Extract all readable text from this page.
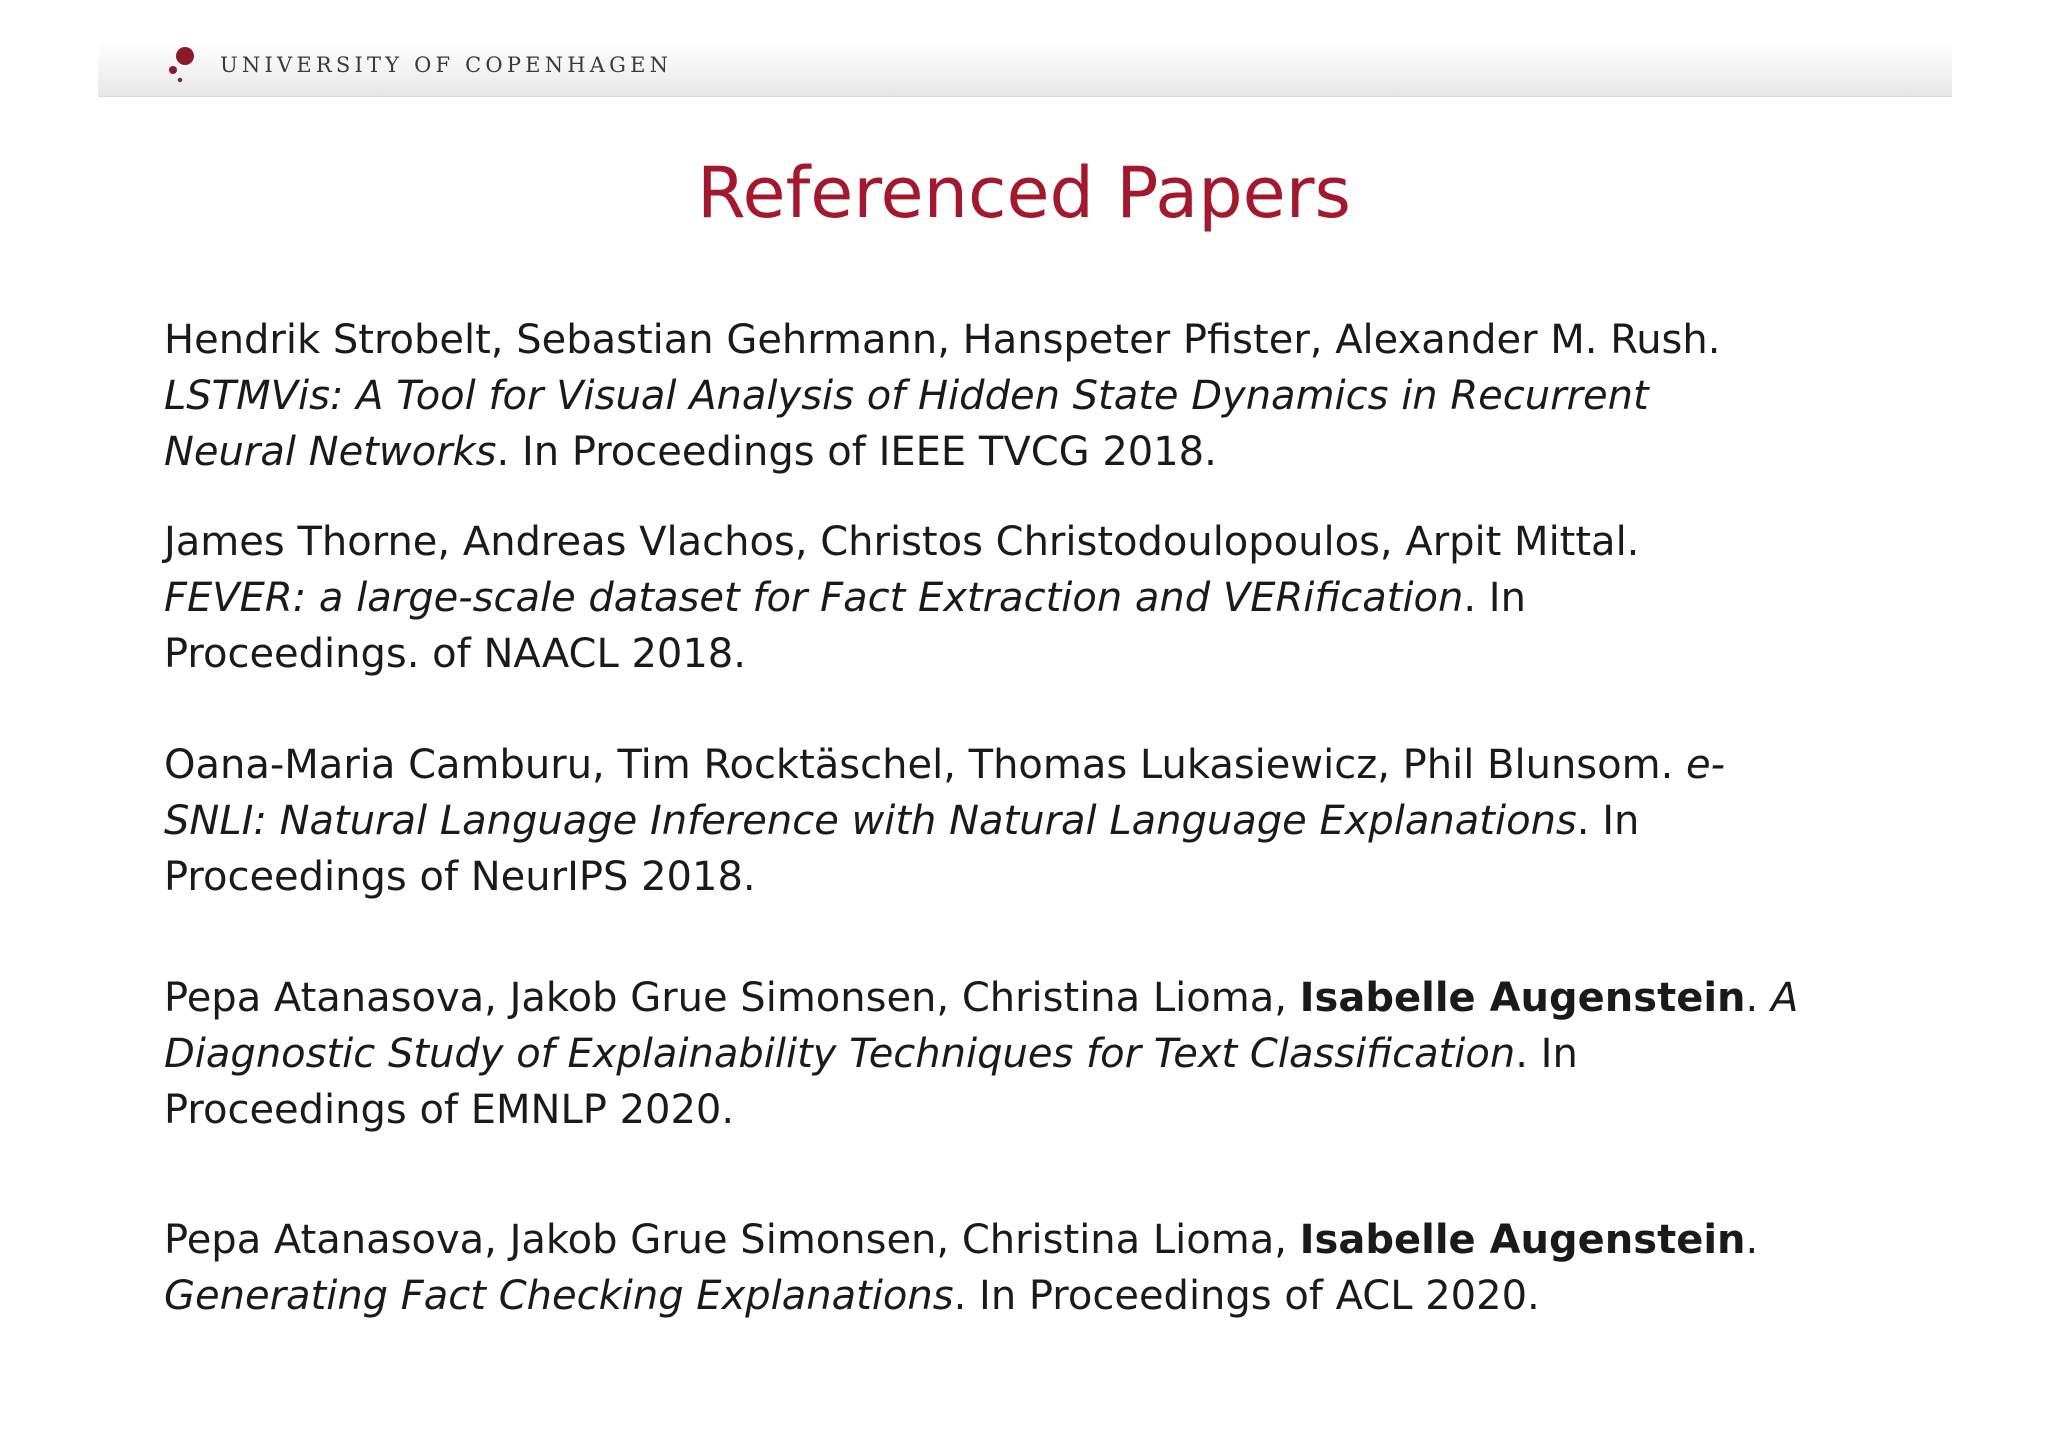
UNIVERSITY OF COPENHAGEN
Referenced Papers

Hendrik Strobelt, Sebastian Gehrmann, Hanspeter Pfister, Alexander M. Rush.
LSTMVis: A Tool for Visual Analysis of Hidden State Dynamics in Recurrent
Neural Networks. In Proceedings of IEEE TVCG 2018.

James Thorne, Andreas Vlachos, Christos Christodoulopoulos, Arpit Mittal.
FEVER: a large-scale dataset for Fact Extraction and VERification. In
Proceedings. of NAACL 2018.

Oana-Maria Camburu, Tim Rocktäschel, Thomas Lukasiewicz, Phil Blunsom. e-
SNLI: Natural Language Inference with Natural Language Explanations. In
Proceedings of NeurIPS 2018.

Pepa Atanasova, Jakob Grue Simonsen, Christina Lioma, Isabelle Augenstein. A
Diagnostic Study of Explainability Techniques for Text Classification. In
Proceedings of EMNLP 2020.

Pepa Atanasova, Jakob Grue Simonsen, Christina Lioma, Isabelle Augenstein.
Generating Fact Checking Explanations. In Proceedings of ACL 2020.
